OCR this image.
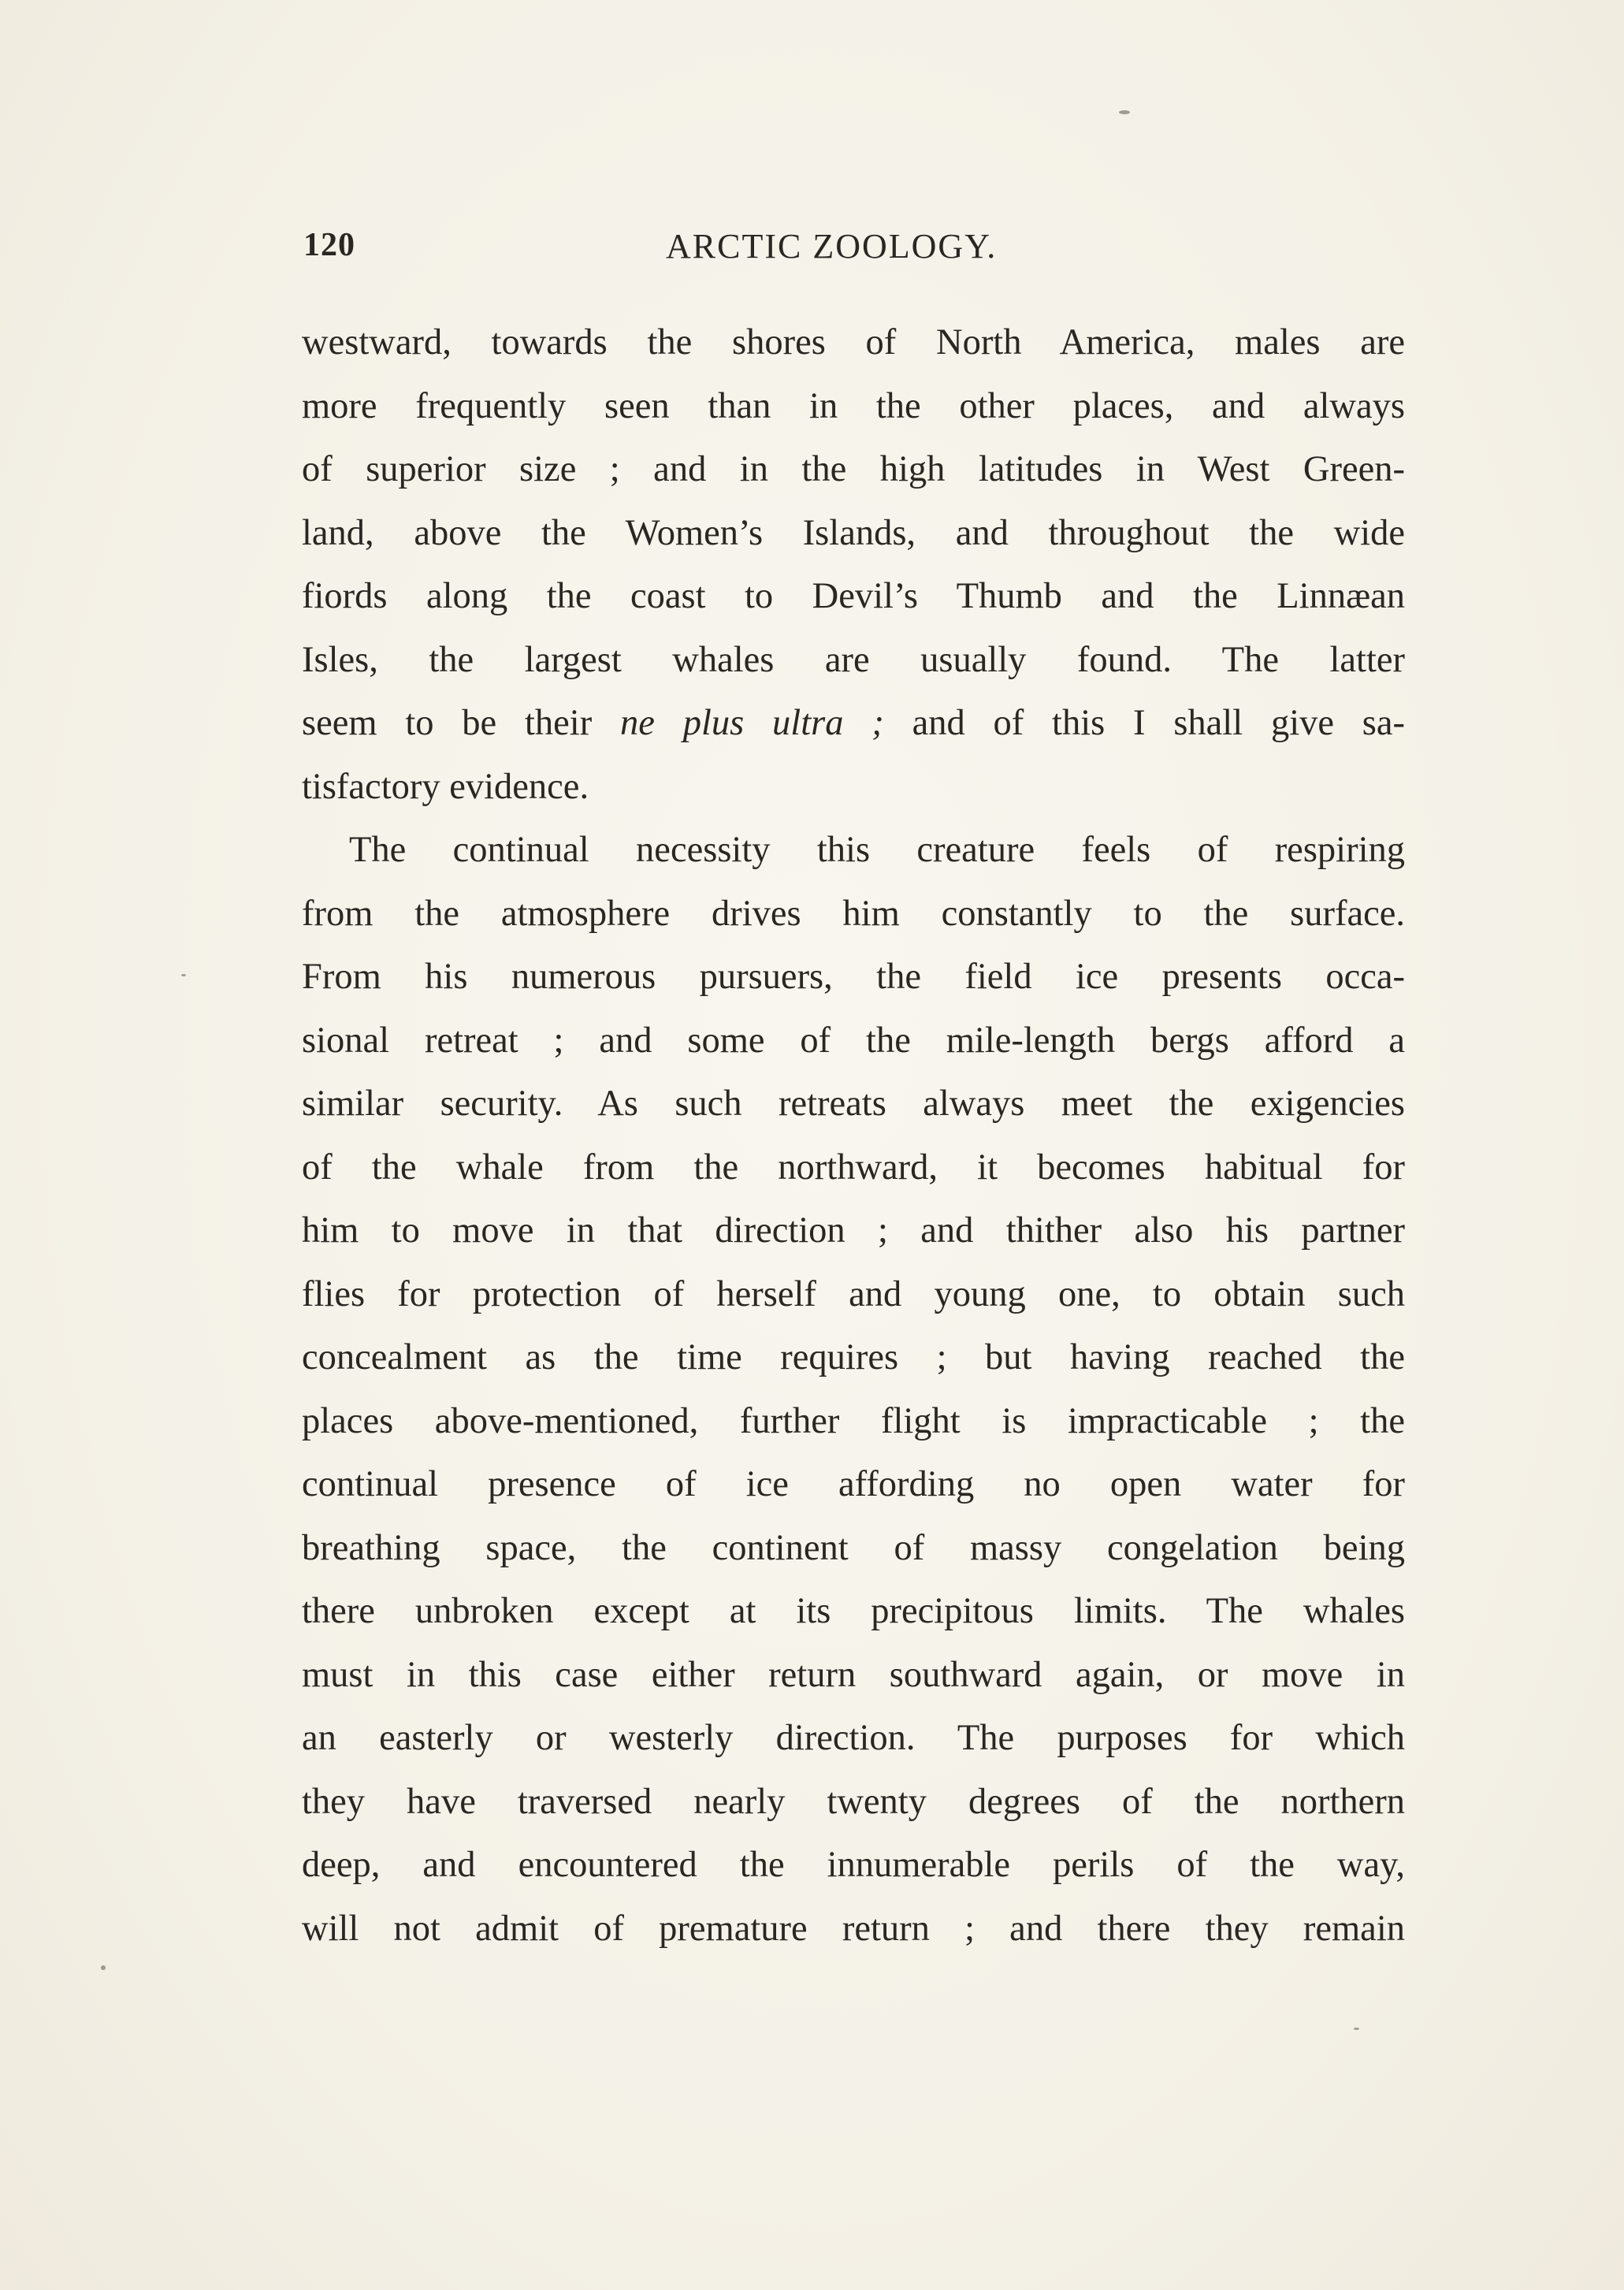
120	ARCTIC ZOOLOGY.
westward, towards the shores of North America, males are
more frequently seen than in the other places, and always
of superior size ; and in the high latitudes in West Green-
land, above the Women’s Islands, and throughout the wide
fiords along the coast to Devil’s Thumb and the Linnæan
Isles, the largest whales are usually found. The latter
seem to be their ne plus ultra ; and of this I shall give sa-
tisfactory evidence.
The continual necessity this creature feels of respiring
from the atmosphere drives him constantly to the surface.
From his numerous pursuers, the field ice presents occa-
sional retreat ; and some of the mile-length bergs afford a
similar security. As such retreats always meet the exigencies
of the whale from the northward, it becomes habitual for
him to move in that direction ; and thither also his partner
flies for protection of herself and young one, to obtain such
concealment as the time requires ; but having reached the
places above-mentioned, further flight is impracticable ; the
continual presence of ice affording no open water for
breathing space, the continent of massy congelation being
there unbroken except at its precipitous limits. The whales
must in this case either return southward again, or move in
an easterly or westerly direction. The purposes for which
they have traversed nearly twenty degrees of the northern
deep, and encountered the innumerable perils of the way,
will not admit of premature return ; and there they remain
